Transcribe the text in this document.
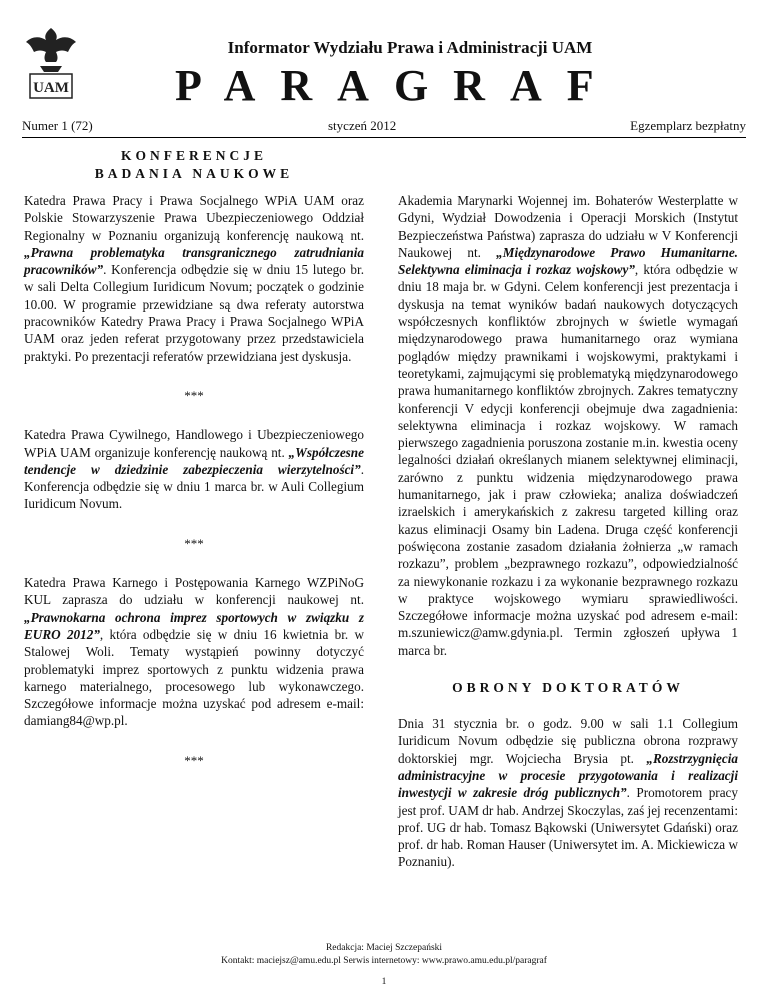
UAM
Informator Wydziału Prawa i Administracji UAM
PARAGRAF
Numer 1 (72)	styczeń 2012	Egzemplarz bezpłatny
KONFERENCJE
BADANIA NAUKOWE

Katedra Prawa Pracy i Prawa Socjalnego WPiA UAM oraz Polskie Stowarzyszenie Prawa Ubezpieczeniowego Oddział Regionalny w Poznaniu organizują konferencję naukową nt. „Prawna problematyka transgranicznego zatrudniania pracowników”. Konferencja odbędzie się w dniu 15 lutego br. w sali Delta Collegium Iuridicum Novum; początek o godzinie 10.00. W programie przewidziane są dwa referaty autorstwa pracowników Katedry Prawa Pracy i Prawa Socjalnego WPiA UAM oraz jeden referat przygotowany przez przedstawiciela praktyki. Po prezentacji referatów przewidziana jest dyskusja.

***

Katedra Prawa Cywilnego, Handlowego i Ubezpieczeniowego WPiA UAM organizuje konferencję naukową nt. „Współczesne tendencje w dziedzinie zabezpieczenia wierzytelności”. Konferencja odbędzie się w dniu 1 marca br. w Auli Collegium Iuridicum Novum.

***

Katedra Prawa Karnego i Postępowania Karnego WZPiNoG KUL zaprasza do udziału w konferencji naukowej nt. „Prawnokarna ochrona imprez sportowych w związku z EURO 2012”, która odbędzie się w dniu 16 kwietnia br. w Stalowej Woli. Tematy wystąpień powinny dotyczyć problematyki imprez sportowych z punktu widzenia prawa karnego materialnego, procesowego lub wykonawczego. Szczegółowe informacje można uzyskać pod adresem e-mail: damiang84@wp.pl.

***

Akademia Marynarki Wojennej im. Bohaterów Westerplatte w Gdyni, Wydział Dowodzenia i Operacji Morskich (Instytut Bezpieczeństwa Państwa) zaprasza do udziału w V Konferencji Naukowej nt. „Międzynarodowe Prawo Humanitarne. Selektywna eliminacja i rozkaz wojskowy”, która odbędzie w dniu 18 maja br. w Gdyni. Celem konferencji jest prezentacja i dyskusja na temat wyników badań naukowych dotyczących współczesnych konfliktów zbrojnych w świetle wymagań międzynarodowego prawa humanitarnego oraz wymiana poglądów między prawnikami i wojskowymi, praktykami i teoretykami, zajmującymi się problematyką międzynarodowego prawa humanitarnego konfliktów zbrojnych. Zakres tematyczny konferencji V edycji konferencji obejmuje dwa zagadnienia: selektywna eliminacja i rozkaz wojskowy. W ramach pierwszego zagadnienia poruszona zostanie m.in. kwestia oceny legalności działań określanych mianem selektywnej eliminacji, zarówno z punktu widzenia międzynarodowego prawa humanitarnego, jak i praw człowieka; analiza doświadczeń izraelskich i amerykańskich z zakresu targeted killing oraz kazus eliminacji Osamy bin Ladena. Druga część konferencji poświęcona zostanie zasadom działania żołnierza „w ramach rozkazu”, problem „bezprawnego rozkazu”, odpowiedzialność za niewykonanie rozkazu i za wykonanie bezprawnego rozkazu w praktyce wojskowego wymiaru sprawiedliwości. Szczegółowe informacje można uzyskać pod adresem e-mail: m.szuniewicz@amw.gdynia.pl. Termin zgłoszeń upływa 1 marca br.

OBRONY DOKTORATÓW

Dnia 31 stycznia br. o godz. 9.00 w sali 1.1 Collegium Iuridicum Novum odbędzie się publiczna obrona rozprawy doktorskiej mgr. Wojciecha Brysia pt. „Rozstrzygnięcia administracyjne w procesie przygotowania i realizacji inwestycji w zakresie dróg publicznych”. Promotorem pracy jest prof. UAM dr hab. Andrzej Skoczylas, zaś jej recenzentami: prof. UG dr hab. Tomasz Bąkowski (Uniwersytet Gdański) oraz prof. dr hab. Roman Hauser (Uniwersytet im. A. Mickiewicza w Poznaniu).

Redakcja: Maciej Szczepański
Kontakt: maciejsz@amu.edu.pl Serwis internetowy: www.prawo.amu.edu.pl/paragraf
1
